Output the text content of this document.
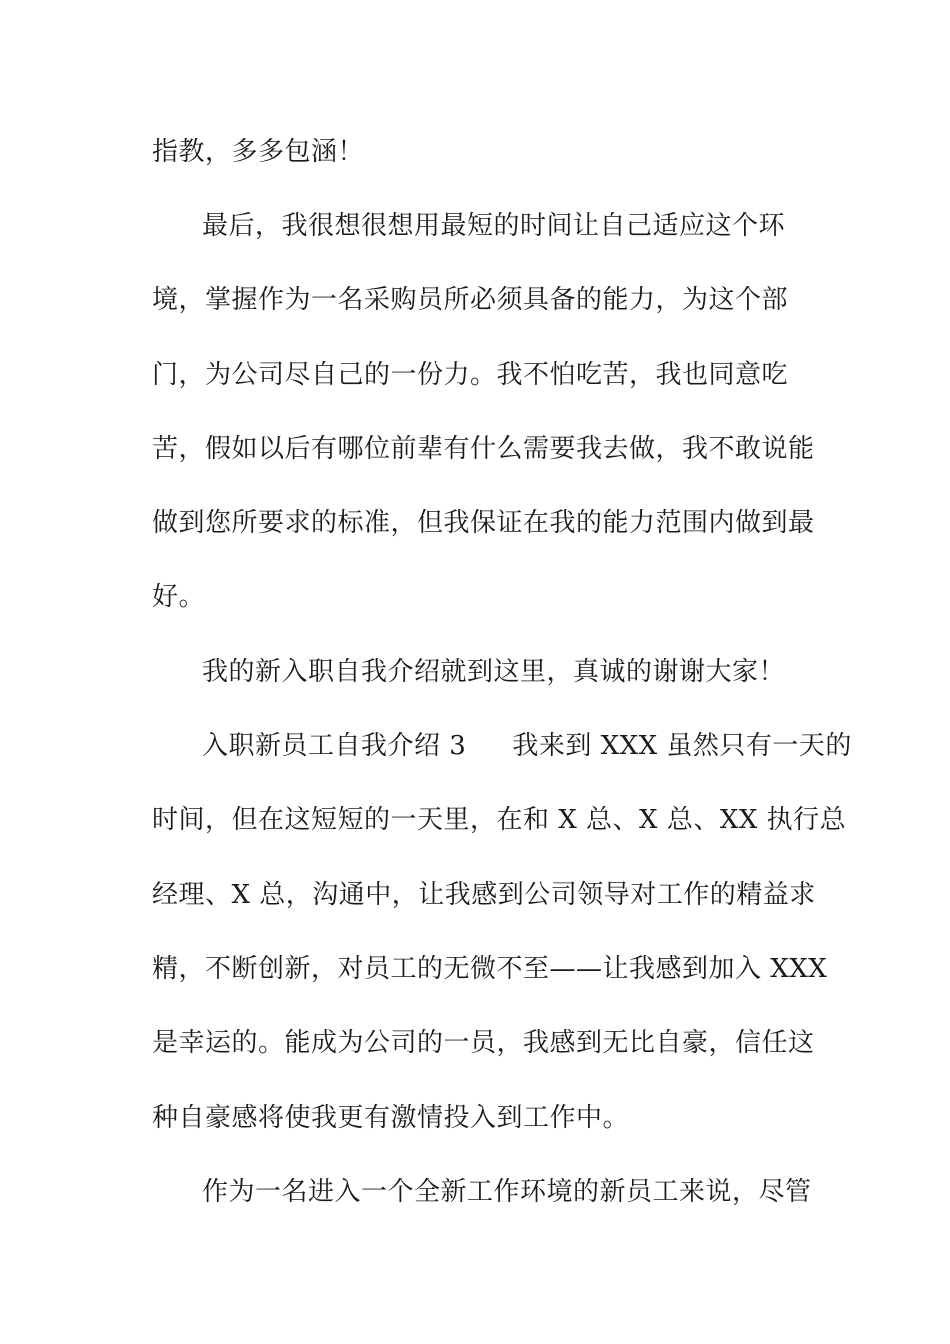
指教，多多包涵！
最后，我很想很想用最短的时间让自己适应这个环
境，掌握作为一名采购员所必须具备的能力，为这个部
门，为公司尽自己的一份力。我不怕吃苦，我也同意吃
苦，假如以后有哪位前辈有什么需要我去做，我不敢说能
做到您所要求的标准，但我保证在我的能力范围内做到最
好。
我的新入职自我介绍就到这里，真诚的谢谢大家！
入职新员工自我介绍 3 我来到 XXX 虽然只有一天的
时间，但在这短短的一天里，在和 X 总、X 总、XX 执行总
经理、X 总，沟通中，让我感到公司领导对工作的精益求
精，不断创新，对员工的无微不至——让我感到加入 XXX
是幸运的。能成为公司的一员，我感到无比自豪，信任这
种自豪感将使我更有激情投入到工作中。
作为一名进入一个全新工作环境的新员工来说，尽管
